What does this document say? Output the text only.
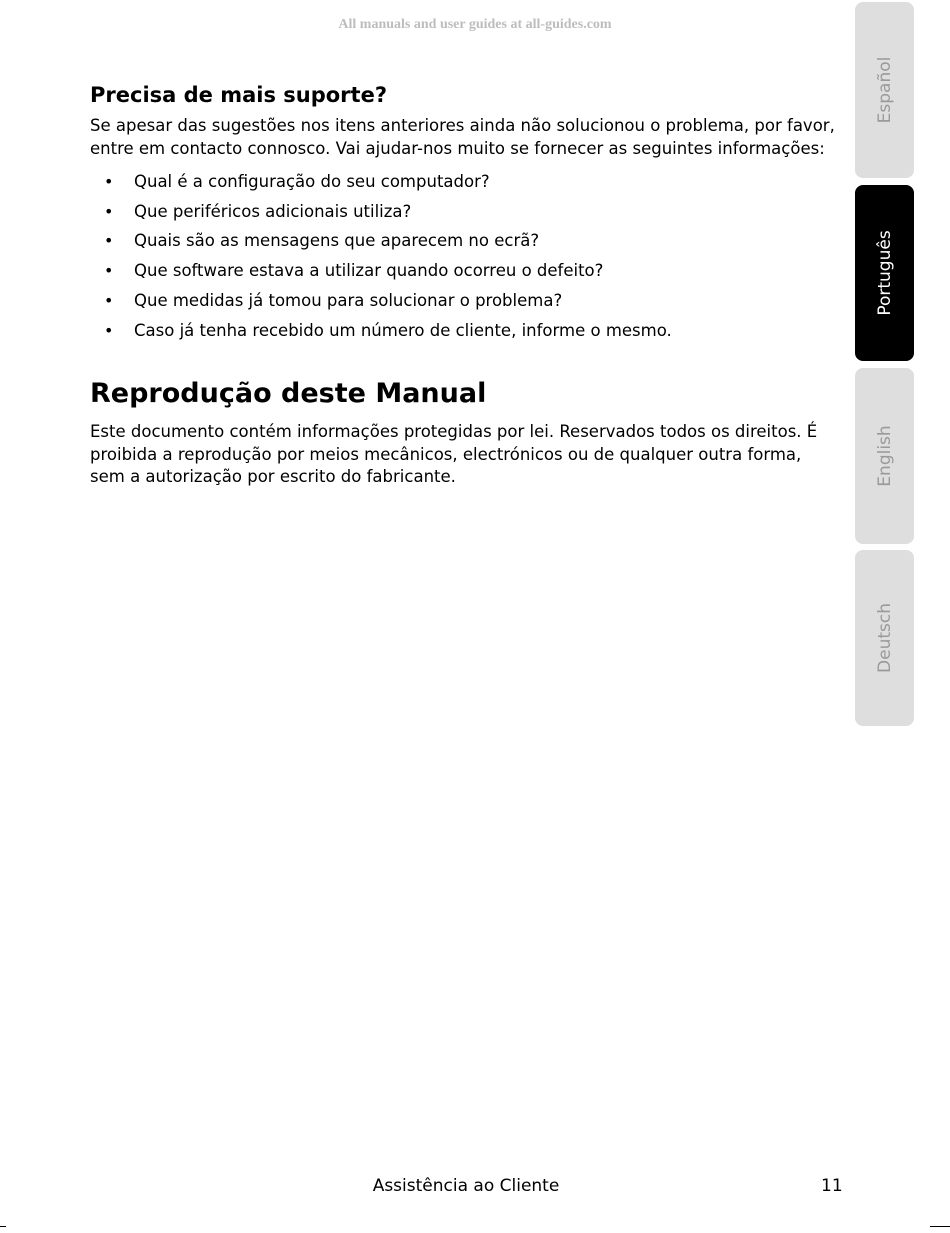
All manuals and user guides at all-guides.com

Precisa de mais suporte?

Se apesar das sugestões nos itens anteriores ainda não solucionou o problema, por favor, entre em contacto connosco. Vai ajudar-nos muito se fornecer as seguintes informações:

• Qual é a configuração do seu computador?
• Que periféricos adicionais utiliza?
• Quais são as mensagens que aparecem no ecrã?
• Que software estava a utilizar quando ocorreu o defeito?
• Que medidas já tomou para solucionar o problema?
• Caso já tenha recebido um número de cliente, informe o mesmo.
Reprodução deste Manual

Este documento contém informações protegidas por lei. Reservados todos os direitos. É proibida a reprodução por meios mecânicos, electrónicos ou de qualquer outra forma, sem a autorização por escrito do fabricante.

Español
Português
English
Deutsch

Assistência ao Cliente	11
